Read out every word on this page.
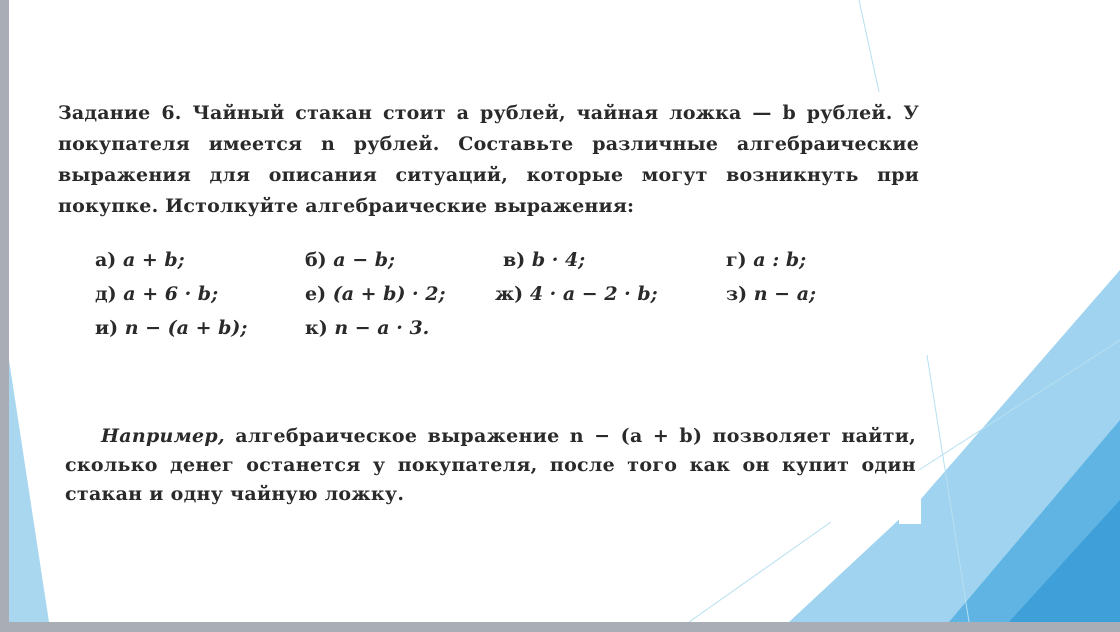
Задание 6. Чайный стакан стоит a рублей, чайная ложка — b рублей. У покупателя имеется n рублей. Составьте различные алгебраические выражения для описания ситуаций, которые могут возникнуть при покупке. Истолкуйте алгебраические выражения:
а) a + b;	б) a − b;	в) b · 4;	г) a : b;
д) a + 6 · b;	е) (a + b) · 2;	ж) 4 · a − 2 · b;	з) n − a;
и) n − (a + b);	к) n − a · 3.
Например, алгебраическое выражение n − (a + b) позволяет найти, сколько денег останется у покупателя, после того как он купит один стакан и одну чайную ложку.
